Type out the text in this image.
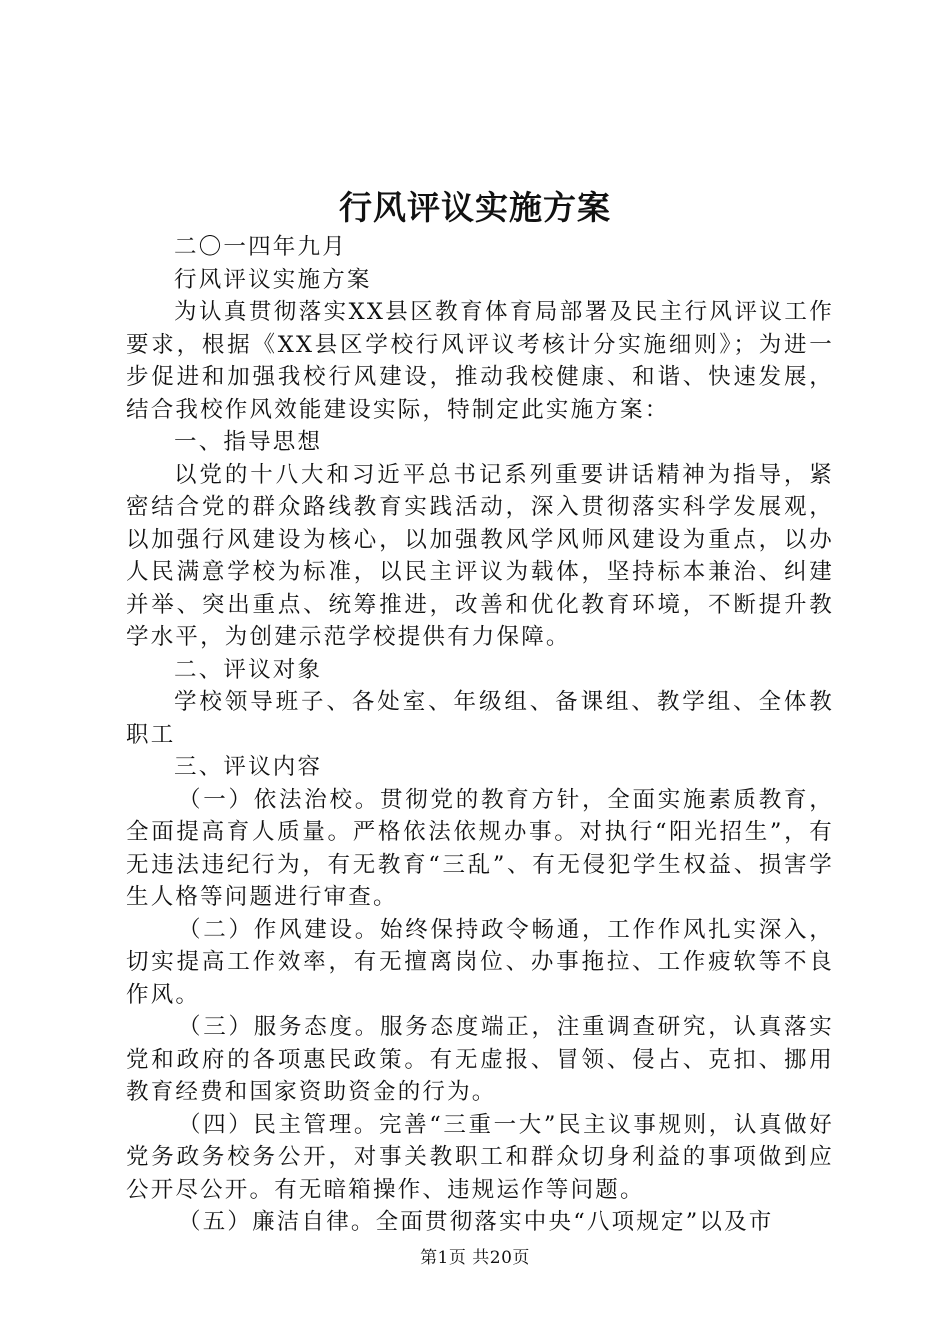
行风评议实施方案

二〇一四年九月

行风评议实施方案

为认真贯彻落实XX县区教育体育局部署及民主行风评议工作要求，根据《XX县区学校行风评议考核计分实施细则》；为进一步促进和加强我校行风建设，推动我校健康、和谐、快速发展，结合我校作风效能建设实际，特制定此实施方案：

一、指导思想

以党的十八大和习近平总书记系列重要讲话精神为指导，紧密结合党的群众路线教育实践活动，深入贯彻落实科学发展观，以加强行风建设为核心，以加强教风学风师风建设为重点，以办人民满意学校为标准，以民主评议为载体，坚持标本兼治、纠建并举、突出重点、统筹推进，改善和优化教育环境，不断提升教学水平，为创建示范学校提供有力保障。

二、评议对象

学校领导班子、各处室、年级组、备课组、教学组、全体教职工

三、评议内容

（一）依法治校。贯彻党的教育方针，全面实施素质教育，全面提高育人质量。严格依法依规办事。对执行“阳光招生”，有无违法违纪行为，有无教育“三乱”、有无侵犯学生权益、损害学生人格等问题进行审查。

（二）作风建设。始终保持政令畅通，工作作风扎实深入，切实提高工作效率，有无擅离岗位、办事拖拉、工作疲软等不良作风。

（三）服务态度。服务态度端正，注重调查研究，认真落实党和政府的各项惠民政策。有无虚报、冒领、侵占、克扣、挪用教育经费和国家资助资金的行为。

（四）民主管理。完善“三重一大”民主议事规则，认真做好党务政务校务公开，对事关教职工和群众切身利益的事项做到应公开尽公开。有无暗箱操作、违规运作等问题。

（五）廉洁自律。全面贯彻落实中央“八项规定”以及市

第1页 共20页
